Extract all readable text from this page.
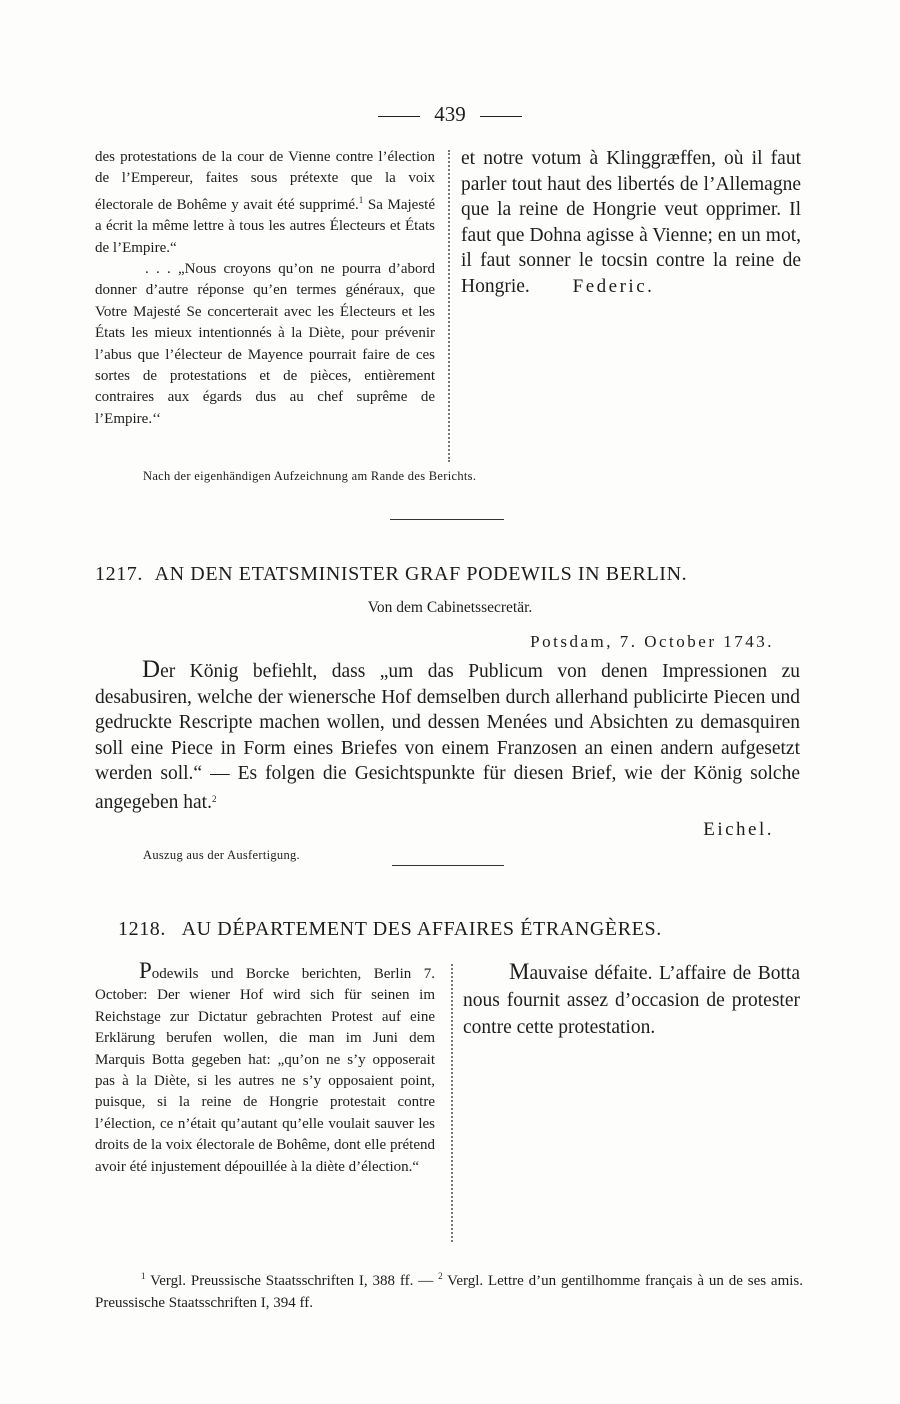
439

des protestations de la cour de Vienne contre l’élection de l’Empereur, faites sous prétexte que la voix électorale de Bohême y avait été supprimé.$^1$ Sa Majesté a écrit la même lettre à tous les autres Électeurs et États de l’Empire.“

. . . „Nous croyons qu’on ne pourra d’abord donner d’autre réponse qu’en termes généraux, que Votre Majesté Se concerterait avec les Électeurs et les États les mieux intentionnés à la Diète, pour prévenir l’abus que l’électeur de Mayence pourrait faire de ces sortes de protestations et de pièces, entièrement contraires aux égards dus au chef suprême de l’Empire.‘‘

et notre votum à Klinggræffen, où il faut parler tout haut des libertés de l’Allemagne que la reine de Hongrie veut opprimer. Il faut que Dohna agisse à Vienne; en un mot, il faut sonner le tocsin contre la reine de Hongrie. Federic.
Nach der eigenhändigen Aufzeichnung am Rande des Berichts.
1217. AN DEN ETATSMINISTER GRAF PODEWILS IN BERLIN.
Von dem Cabinetssecretär.
Potsdam, 7. October 1743.

Der König befiehlt, dass „um das Publicum von denen Impressionen zu desabusiren, welche der wienersche Hof demselben durch allerhand publicirte Piecen und gedruckte Rescripte machen wollen, und dessen Menées und Absichten zu demasquiren soll eine Piece in Form eines Briefes von einem Franzosen an einen andern aufgesetzt werden soll.“ — Es folgen die Gesichtspunkte für diesen Brief, wie der König solche angegeben hat.$^2$

Eichel.
Auszug aus der Ausfertigung.
1218. AU DÉPARTEMENT DES AFFAIRES ÉTRANGÈRES.

Podewils und Borcke berichten, Berlin 7. October: Der wiener Hof wird sich für seinen im Reichstage zur Dictatur gebrachten Protest auf eine Erklärung berufen wollen, die man im Juni dem Marquis Botta gegeben hat: „qu’on ne s’y opposerait pas à la Diète, si les autres ne s’y opposaient point, puisque, si la reine de Hongrie protestait contre l’élection, ce n’était qu’autant qu’elle voulait sauver les droits de la voix électorale de Bohême, dont elle prétend avoir été injustement dépouillée à la diète d’élection.“

Mauvaise défaite. L’affaire de Botta nous fournit assez d’occasion de protester contre cette protestation.

$^1$ Vergl. Preussische Staatsschriften I, 388 ff. — $^2$ Vergl. Lettre d’un gentilhomme français à un de ses amis. Preussische Staatsschriften I, 394 ff.
